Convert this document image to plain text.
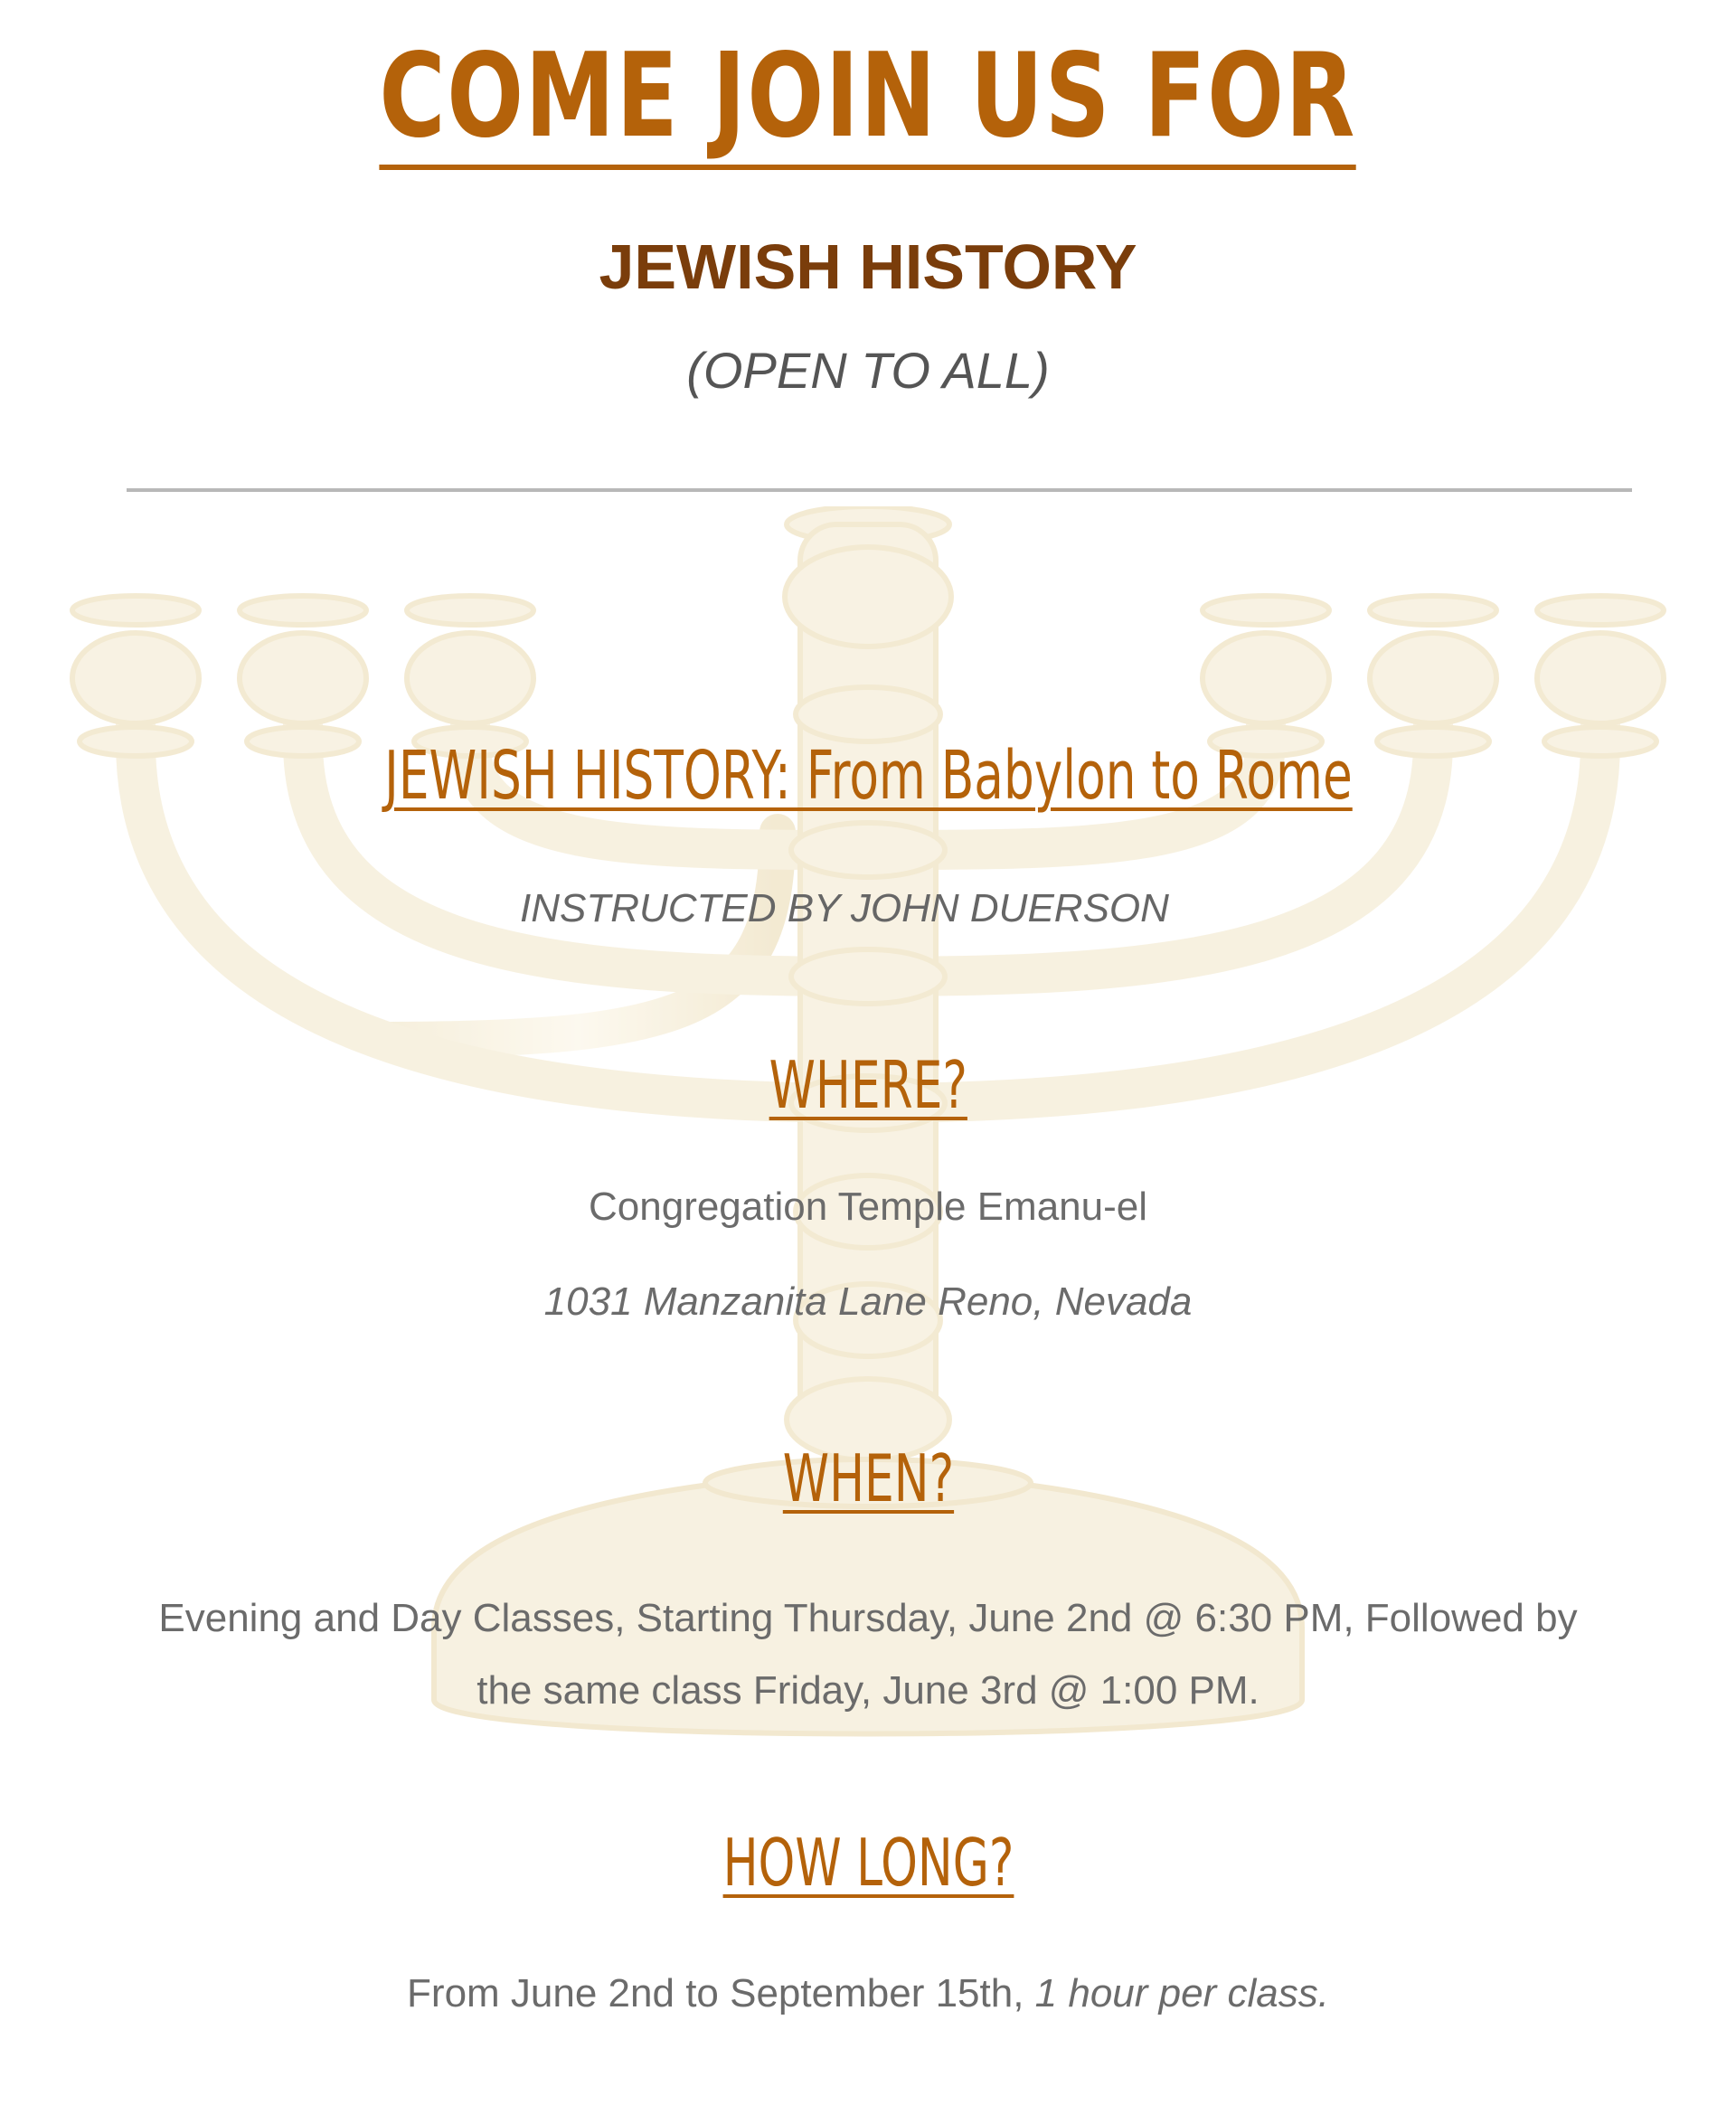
COME JOIN US FOR
JEWISH HISTORY
(OPEN TO ALL)
JEWISH HISTORY: From Babylon to Rome
INSTRUCTED BY JOHN DUERSON
WHERE?
Congregation Temple Emanu-el
1031 Manzanita Lane Reno, Nevada
WHEN?
Evening and Day Classes, Starting Thursday, June 2nd @ 6:30 PM, Followed by
the same class Friday, June 3rd @ 1:00 PM.
HOW LONG?
From June 2nd to September 15th, 1 hour per class.
